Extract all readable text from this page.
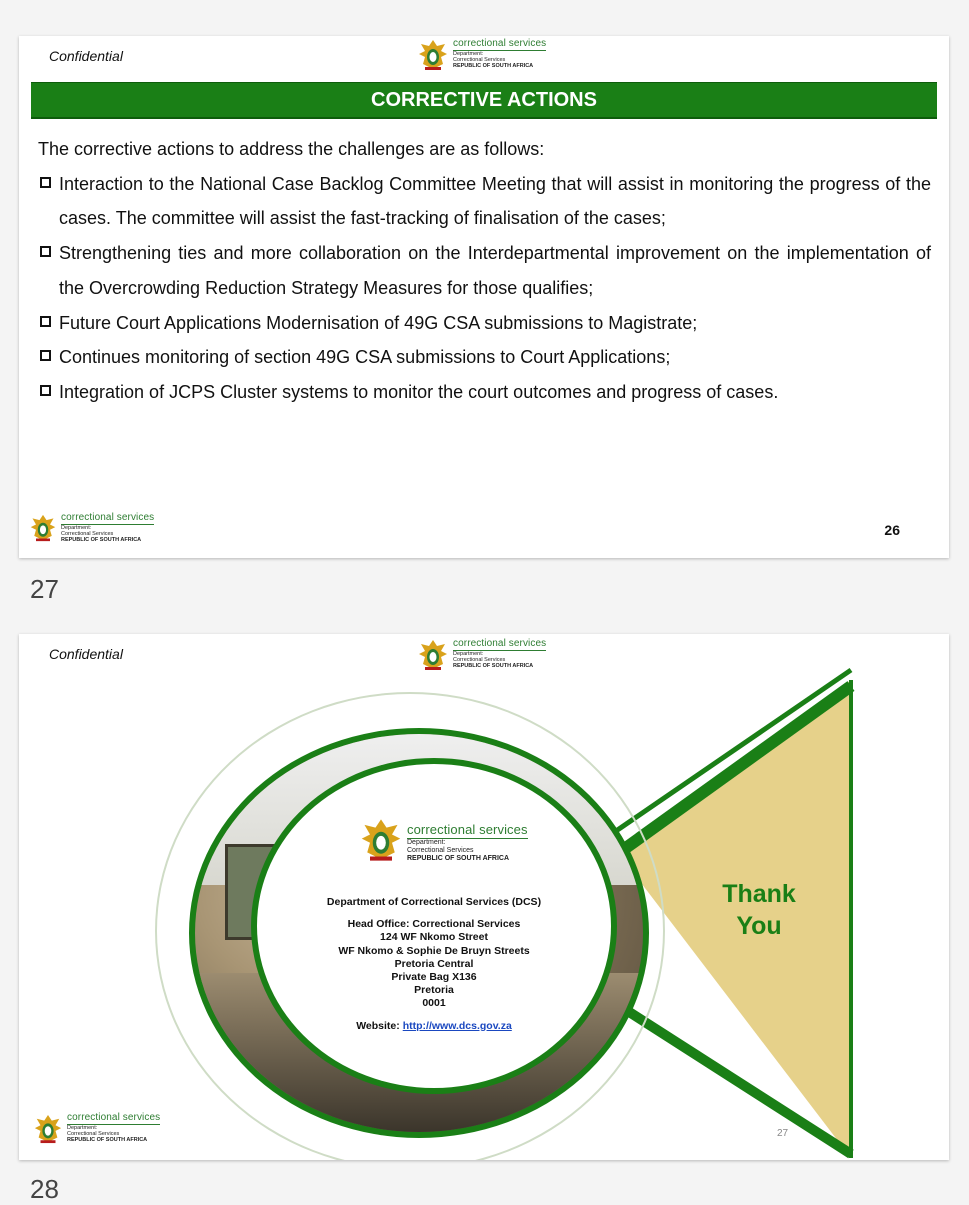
Confidential
correctional services
Department:
Correctional Services
REPUBLIC OF SOUTH AFRICA
CORRECTIVE ACTIONS

The corrective actions to address the challenges are as follows:

Interaction to the National Case Backlog Committee Meeting that will assist in monitoring the progress of the cases. The committee will assist the fast-tracking of finalisation of the cases;
Strengthening ties and more collaboration on the Interdepartmental improvement on the implementation of the Overcrowding Reduction Strategy Measures for those qualifies;
Future Court Applications Modernisation of 49G CSA submissions to Magistrate;
Continues monitoring of section 49G CSA submissions to Court Applications;
Integration of JCPS Cluster systems to monitor the court outcomes and progress of cases.
correctional services
Department:
Correctional Services
REPUBLIC OF SOUTH AFRICA
26
27
Confidential
correctional services
Department:
Correctional Services
REPUBLIC OF SOUTH AFRICA
correctional services
Department:
Correctional Services
REPUBLIC OF SOUTH AFRICA
Department of Correctional Services (DCS)
Head Office: Correctional Services
124 WF Nkomo Street
WF Nkomo & Sophie De Bruyn Streets
Pretoria Central
Private Bag X136
Pretoria
0001
Website: http://www.dcs.gov.za
Thank
You
correctional services
Department:
Correctional Services
REPUBLIC OF SOUTH AFRICA
27
28
